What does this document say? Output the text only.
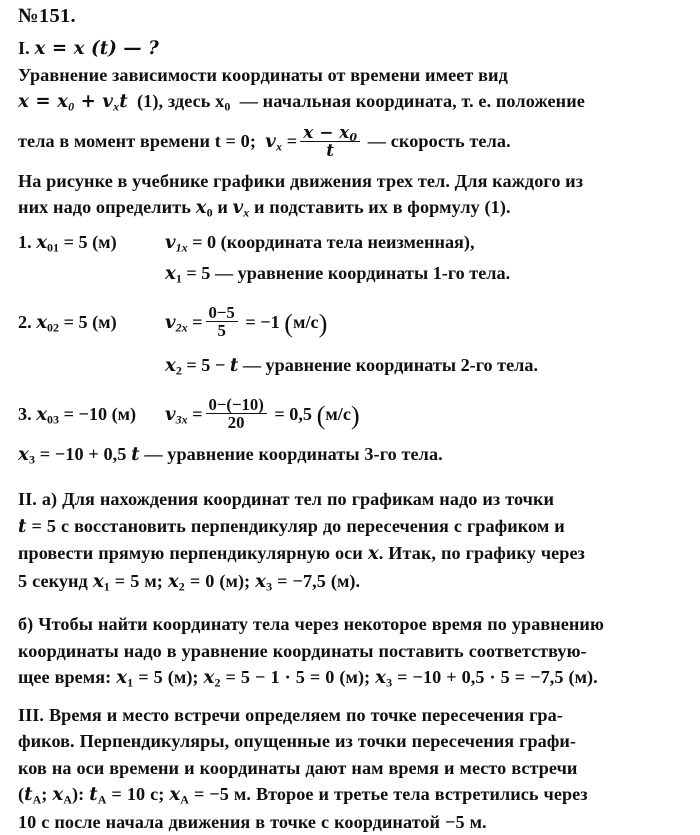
№151.
I. x = x (t) — ?
Уравнение зависимости координаты от времени имеет вид
$x = x_0 + v_xt$ (1), здесь $x_0$ — начальная координата, т. е. положение
тела в момент времени t = 0; $v_x = \frac{x - x_0}{t}$ — скорость тела.
На рисунке в учебнике графики движения трех тел. Для каждого из
них надо определить $x_0$ и $v_x$ и подставить их в формулу (1).
1. $x_{01} = 5$ (м)	$v_{1x} = 0$ (координата тела неизменная),
$x_1 = 5$ — уравнение координаты 1-го тела.
2. $x_{02} = 5$ (м)	$v_{2x} = \frac{0-5}{5} = -1$ (м/с)
$x_2 = 5 - t$ — уравнение координаты 2-го тела.
3. $x_{03} = -10$ (м) $v_{3x} = \frac{0-(-10)}{20} = 0,5$ (м/с)
$x_3 = -10 + 0,5$ t — уравнение координаты 3-го тела.
II. а) Для нахождения координат тел по графикам надо из точки
t = 5 с восстановить перпендикуляр до пересечения с графиком и
провести прямую перпендикулярную оси x. Итак, по графику через
5 секунд $x_1 = 5$ м; $x_2 = 0$ (м); $x_3 = -7,5$ (м).
б) Чтобы найти координату тела через некоторое время по уравнению
координаты надо в уравнение координаты поставить соответствую-
щее время: $x_1 = 5$ (м); $x_2 = 5 - 1 \cdot 5 = 0$ (м); $x_3 = -10 + 0,5 \cdot 5 = -7,5$ (м).
III. Время и место встречи определяем по точке пересечения гра-
фиков. Перпендикуляры, опущенные из точки пересечения графи-
ков на оси времени и координаты дают нам время и место встречи
($t_A$; $x_A$): $t_A = 10$ с; $x_A = -5$ м. Второе и третье тела встретились через
10 с после начала движения в точке с координатой −5 м.
